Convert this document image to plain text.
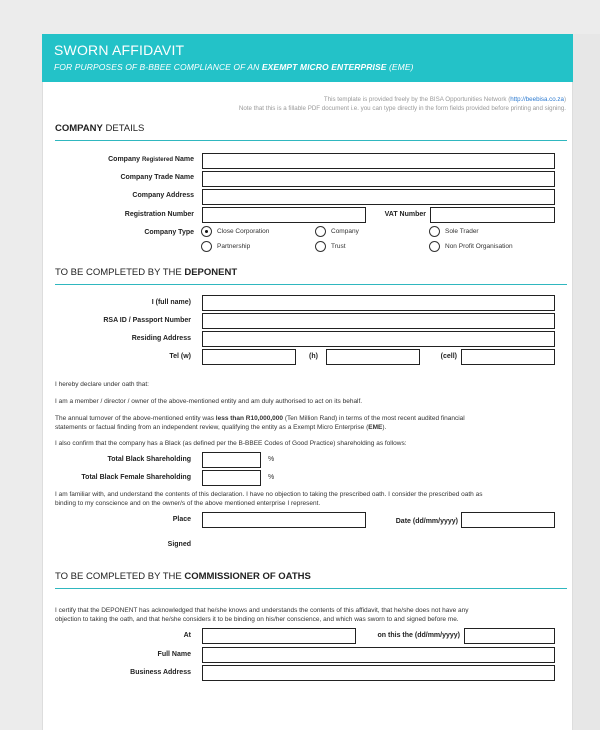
SWORN AFFIDAVIT
FOR PURPOSES OF B-BBEE COMPLIANCE OF AN EXEMPT MICRO ENTERPRISE (EME)
This template is provided freely by the BISA Opportunities Network (http://beebisa.co.za)
Note that this is a fillable PDF document i.e. you can type directly in the form fields provided before printing and signing.
COMPANY DETAILS
Company Registered Name
Company Trade Name
Company Address
Registration Number	VAT Number
Company Type	Close Corporation	Company	Sole Trader
Partnership	Trust	Non Profit Organisation
TO BE COMPLETED BY THE DEPONENT
I (full name)
RSA ID / Passport Number
Residing Address
Tel (w)	(h)	(cell)
I hereby declare under oath that:
I am a member / director / owner of the above-mentioned entity and am duly authorised to act on its behalf.
The annual turnover of the above-mentioned entity was less than R10,000,000 (Ten Million Rand) in terms of the most recent audited financial
statements or factual finding from an independent review, qualifying the entity as a Exempt Micro Enterprise (EME).
I also confirm that the company has a Black (as defined per the B-BBEE Codes of Good Practice) shareholding as follows:
Total Black Shareholding	%
Total Black Female Shareholding	%
I am familiar with, and understand the contents of this declaration. I have no objection to taking the prescribed oath. I consider the prescribed oath as
binding to my conscience and on the owner/s of the above mentioned enterprise I represent.
Place	Date (dd/mm/yyyy)
Signed
TO BE COMPLETED BY THE COMMISSIONER OF OATHS
I certify that the DEPONENT has acknowledged that he/she knows and understands the contents of this affidavit, that he/she does not have any
objection to taking the oath, and that he/she considers it to be binding on his/her conscience, and which was sworn to and signed before me.
At	on this the (dd/mm/yyyy)
Full Name
Business Address
